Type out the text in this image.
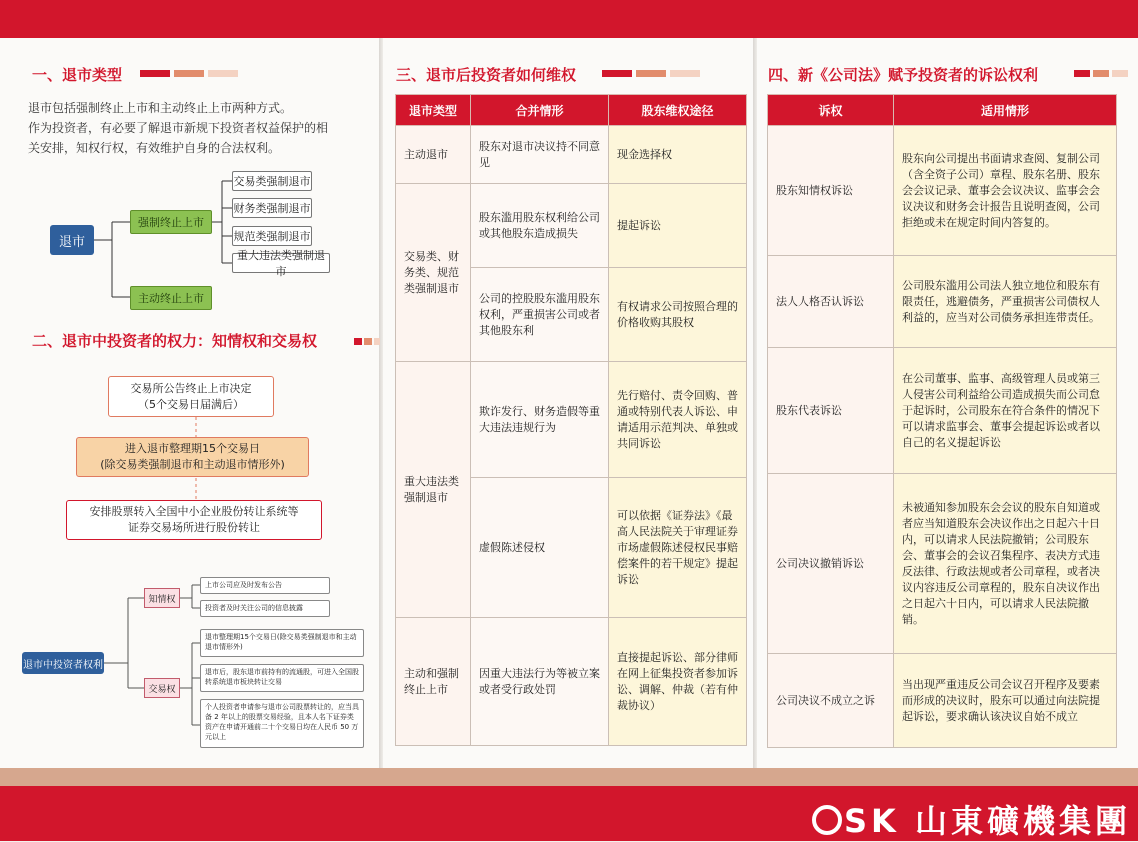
一、退市类型
退市包括强制终止上市和主动终止上市两种方式。
作为投资者，有必要了解退市新规下投资者权益保护的相
关安排，知权行权，有效维护自身的合法权利。
退市
强制终止上市
主动终止上市
交易类强制退市
财务类强制退市
规范类强制退市
重大违法类强制退市
二、退市中投资者的权力：知情权和交易权
交易所公告终止上市决定
（5个交易日届满后）
进入退市整理期15个交易日
(除交易类强制退市和主动退市情形外)
安排股票转入全国中小企业股份转让系统等
证券交易场所进行股份转让
退市中投资者权利
知情权
交易权
上市公司应及时发布公告
投资者及时关注公司的信息披露
退市整理期15个交易日(除交易类强制退市和主动退市情形外)
退市后，股东退市前持有的流通股，可进入全国股转系统退市板块转让交易
个人投资者申请参与退市公司股票转让的，应当具备 2 年以上的股票交易经验，且本人名下证券类资产在申请开通前二十个交易日均在人民币 50 万元以上
三、退市后投资者如何维权
退市类型	合并情形	股东维权途径
主动退市	股东对退市决议持不同意见	现金选择权
交易类、财务类、规范类强制退市	股东滥用股东权利给公司或其他股东造成损失	提起诉讼
	公司的控股股东滥用股东权利，严重损害公司或者其他股东利	有权请求公司按照合理的价格收购其股权
重大违法类强制退市	欺诈发行、财务造假等重大违法违规行为	先行赔付、责令回购、普通或特别代表人诉讼、申请适用示范判决、单独或共同诉讼
	虚假陈述侵权	可以依据《证券法》《最高人民法院关于审理证券市场虚假陈述侵权民事赔偿案件的若干规定》提起诉讼
主动和强制终止上市	因重大违法行为等被立案或者受行政处罚	直接提起诉讼、部分律师在网上征集投资者参加诉讼、调解、仲裁（若有仲裁协议）
四、新《公司法》赋予投资者的诉讼权利
诉权	适用情形
股东知情权诉讼	股东向公司提出书面请求查阅、复制公司（含全资子公司）章程、股东名册、股东会会议记录、董事会会议决议、监事会会议决议和财务会计报告且说明查阅，公司拒绝或未在规定时间内答复的。
法人人格否认诉讼	公司股东滥用公司法人独立地位和股东有限责任，逃避债务，严重损害公司债权人利益的，应当对公司债务承担连带责任。
股东代表诉讼	在公司董事、监事、高级管理人员或第三人侵害公司利益给公司造成损失而公司怠于起诉时，公司股东在符合条件的情况下可以请求监事会、董事会提起诉讼或者以自己的名义提起诉讼
公司决议撤销诉讼	未被通知参加股东会会议的股东自知道或者应当知道股东会决议作出之日起六十日内，可以请求人民法院撤销；公司股东会、董事会的会议召集程序、表决方式违反法律、行政法规或者公司章程，或者决议内容违反公司章程的，股东自决议作出之日起六十日内，可以请求人民法院撤销。
公司决议不成立之诉	当出现严重违反公司会议召开程序及要素而形成的决议时，股东可以通过向法院提起诉讼，要求确认该决议自始不成立
SK 山東礦機集團
